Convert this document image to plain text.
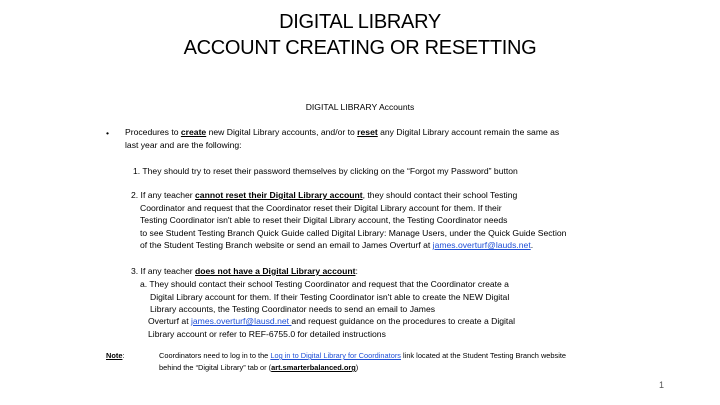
DIGITAL LIBRARY
ACCOUNT CREATING OR RESETTING
DIGITAL LIBRARY Accounts
• Procedures to create new Digital Library accounts, and/or to reset any Digital Library account remain the same as
last year and are the following:
1. They should try to reset their password themselves by clicking on the “Forgot my Password” button
2. If any teacher cannot reset their Digital Library account, they should contact their school Testing
Coordinator and request that the Coordinator reset their Digital Library account for them. If their
Testing Coordinator isn't able to reset their Digital Library account, the Testing Coordinator needs
to see Student Testing Branch Quick Guide called Digital Library: Manage Users, under the Quick Guide Section
of the Student Testing Branch website or send an email to James Overturf at james.overturf@lauds.net.
3. If any teacher does not have a Digital Library account:
a. They should contact their school Testing Coordinator and request that the Coordinator create a
Digital Library account for them. If their Testing Coordinator isn't able to create the NEW Digital
Library accounts, the Testing Coordinator needs to send an email to James
Overturf at james.overturf@lausd.net and request guidance on the procedures to create a Digital
Library account or refer to REF-6755.0 for detailed instructions
Note:	Coordinators need to log in to the Log in to Digital Library for Coordinators link located at the Student Testing Branch website
behind the “Digital Library” tab or (art.smarterbalanced.org)
1
